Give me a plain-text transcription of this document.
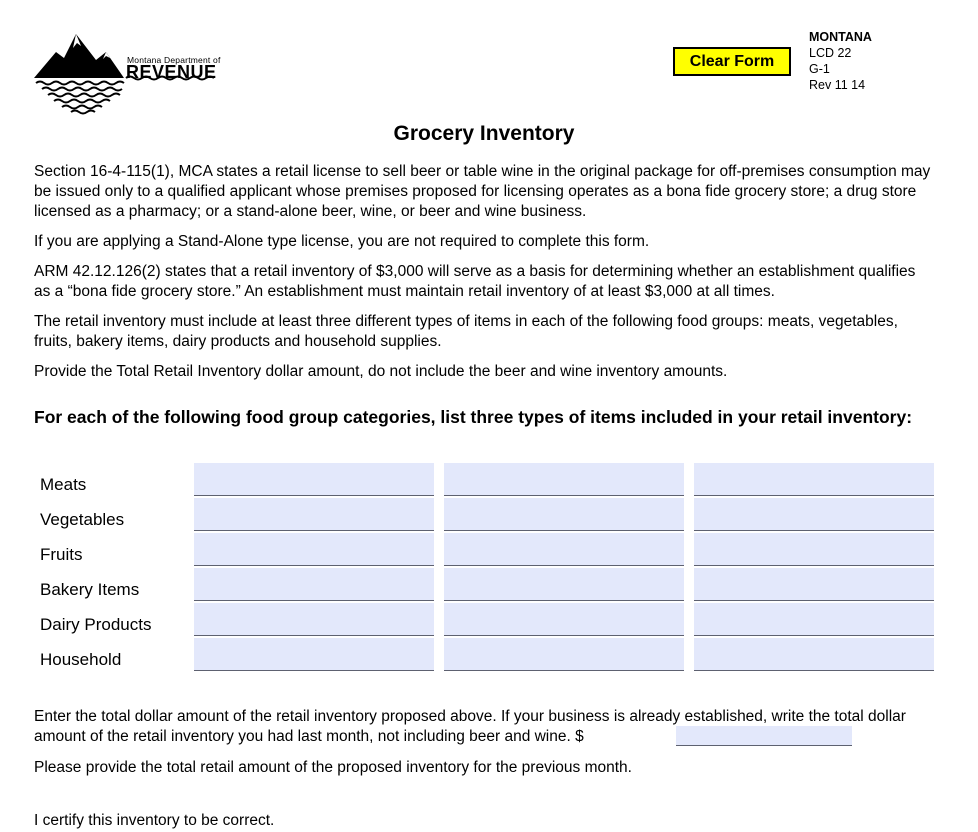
Montana Department of
REVENUE
Clear Form
MONTANA
LCD 22
G-1
Rev 11 14
Grocery Inventory

Section 16-4-115(1), MCA states a retail license to sell beer or table wine in the original package for off-premises consumption may be issued only to a qualified applicant whose premises proposed for licensing operates as a bona fide grocery store; a drug store licensed as a pharmacy; or a stand-alone beer, wine, or beer and wine business.

If you are applying a Stand-Alone type license, you are not required to complete this form.

ARM 42.12.126(2) states that a retail inventory of $3,000 will serve as a basis for determining whether an establishment qualifies as a “bona fide grocery store.” An establishment must maintain retail inventory of at least $3,000 at all times.

The retail inventory must include at least three different types of items in each of the following food groups: meats, vegetables, fruits, bakery items, dairy products and household supplies.

Provide the Total Retail Inventory dollar amount, do not include the beer and wine inventory amounts.

For each of the following food group categories, list three types of items included in your retail inventory:
Meats
Vegetables
Fruits
Bakery Items
Dairy Products
Household

Enter the total dollar amount of the retail inventory proposed above. If your business is already established, write the total dollar amount of the retail inventory you had last month, not including beer and wine. $

Please provide the total retail amount of the proposed inventory for the previous month.

I certify this inventory to be correct.
